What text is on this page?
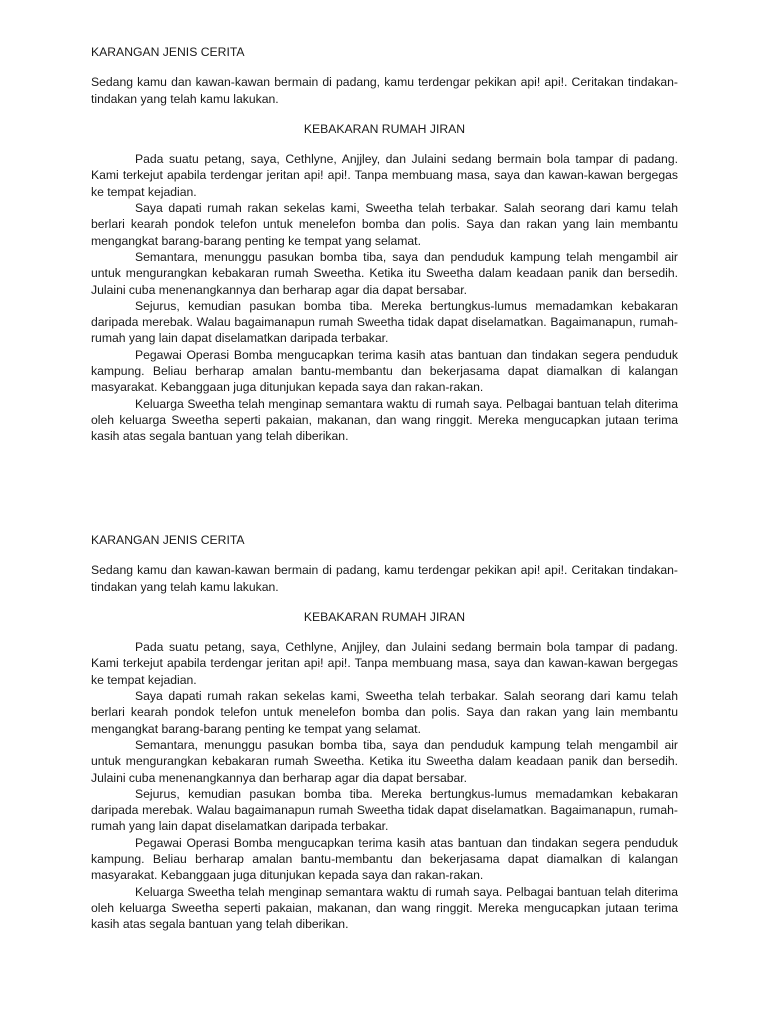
KARANGAN JENIS CERITA

Sedang kamu dan kawan-kawan bermain di padang, kamu terdengar pekikan api! api!. Ceritakan tindakan-tindakan yang telah kamu lakukan.

KEBAKARAN RUMAH JIRAN

Pada suatu petang, saya, Cethlyne, Anjjley, dan Julaini sedang bermain bola tampar di padang. Kami terkejut apabila terdengar jeritan api! api!. Tanpa membuang masa, saya dan kawan-kawan bergegas ke tempat kejadian.

Saya dapati rumah rakan sekelas kami, Sweetha telah terbakar. Salah seorang dari kamu telah berlari kearah pondok telefon untuk menelefon bomba dan polis. Saya dan rakan yang lain membantu mengangkat barang-barang penting ke tempat yang selamat.

Semantara, menunggu pasukan bomba tiba, saya dan penduduk kampung telah mengambil air untuk mengurangkan kebakaran rumah Sweetha. Ketika itu Sweetha dalam keadaan panik dan bersedih. Julaini cuba menenangkannya dan berharap agar dia dapat bersabar.

Sejurus, kemudian pasukan bomba tiba. Mereka bertungkus-lumus memadamkan kebakaran daripada merebak. Walau bagaimanapun rumah Sweetha tidak dapat diselamatkan. Bagaimanapun, rumah-rumah yang lain dapat diselamatkan daripada terbakar.

Pegawai Operasi Bomba mengucapkan terima kasih atas bantuan dan tindakan segera penduduk kampung. Beliau berharap amalan bantu-membantu dan bekerjasama dapat diamalkan di kalangan masyarakat. Kebanggaan juga ditunjukan kepada saya dan rakan-rakan.

Keluarga Sweetha telah menginap semantara waktu di rumah saya. Pelbagai bantuan telah diterima oleh keluarga Sweetha seperti pakaian, makanan, dan wang ringgit. Mereka mengucapkan jutaan terima kasih atas segala bantuan yang telah diberikan.

KARANGAN JENIS CERITA

Sedang kamu dan kawan-kawan bermain di padang, kamu terdengar pekikan api! api!. Ceritakan tindakan-tindakan yang telah kamu lakukan.

KEBAKARAN RUMAH JIRAN

Pada suatu petang, saya, Cethlyne, Anjjley, dan Julaini sedang bermain bola tampar di padang. Kami terkejut apabila terdengar jeritan api! api!. Tanpa membuang masa, saya dan kawan-kawan bergegas ke tempat kejadian.

Saya dapati rumah rakan sekelas kami, Sweetha telah terbakar. Salah seorang dari kamu telah berlari kearah pondok telefon untuk menelefon bomba dan polis. Saya dan rakan yang lain membantu mengangkat barang-barang penting ke tempat yang selamat.

Semantara, menunggu pasukan bomba tiba, saya dan penduduk kampung telah mengambil air untuk mengurangkan kebakaran rumah Sweetha. Ketika itu Sweetha dalam keadaan panik dan bersedih. Julaini cuba menenangkannya dan berharap agar dia dapat bersabar.

Sejurus, kemudian pasukan bomba tiba. Mereka bertungkus-lumus memadamkan kebakaran daripada merebak. Walau bagaimanapun rumah Sweetha tidak dapat diselamatkan. Bagaimanapun, rumah-rumah yang lain dapat diselamatkan daripada terbakar.

Pegawai Operasi Bomba mengucapkan terima kasih atas bantuan dan tindakan segera penduduk kampung. Beliau berharap amalan bantu-membantu dan bekerjasama dapat diamalkan di kalangan masyarakat. Kebanggaan juga ditunjukan kepada saya dan rakan-rakan.

Keluarga Sweetha telah menginap semantara waktu di rumah saya. Pelbagai bantuan telah diterima oleh keluarga Sweetha seperti pakaian, makanan, dan wang ringgit. Mereka mengucapkan jutaan terima kasih atas segala bantuan yang telah diberikan.
